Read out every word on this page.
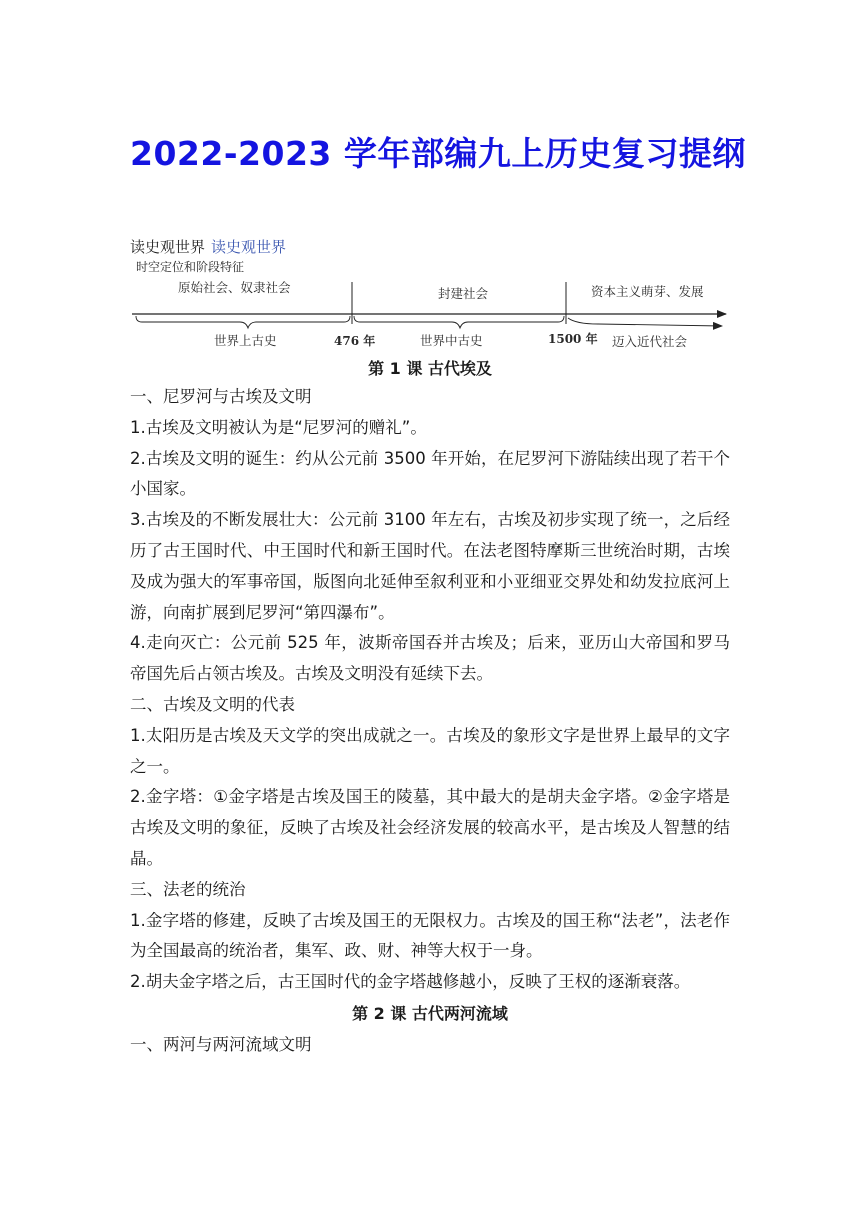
2022-2023 学年部编九上历史复习提纲
读史观世界 读史观世界
时空定位和阶段特征
原始社会、奴隶社会	封建社会	资本主义萌芽、发展
世界上古史	476 年	世界中古史	1500 年 迈入近代社会
第 1 课 古代埃及

一、尼罗河与古埃及文明

1.古埃及文明被认为是“尼罗河的赠礼”。

2.古埃及文明的诞生：约从公元前 3500 年开始，在尼罗河下游陆续出现了若干个小国家。

3.古埃及的不断发展壮大：公元前 3100 年左右，古埃及初步实现了统一，之后经历了古王国时代、中王国时代和新王国时代。在法老图特摩斯三世统治时期，古埃及成为强大的军事帝国，版图向北延伸至叙利亚和小亚细亚交界处和幼发拉底河上游，向南扩展到尼罗河“第四瀑布”。

4.走向灭亡：公元前 525 年，波斯帝国吞并古埃及；后来，亚历山大帝国和罗马帝国先后占领古埃及。古埃及文明没有延续下去。

二、古埃及文明的代表

1.太阳历是古埃及天文学的突出成就之一。古埃及的象形文字是世界上最早的文字之一。

2.金字塔：①金字塔是古埃及国王的陵墓，其中最大的是胡夫金字塔。②金字塔是古埃及文明的象征，反映了古埃及社会经济发展的较高水平，是古埃及人智慧的结晶。

三、法老的统治

1.金字塔的修建，反映了古埃及国王的无限权力。古埃及的国王称“法老”，法老作为全国最高的统治者，集军、政、财、神等大权于一身。

2.胡夫金字塔之后，古王国时代的金字塔越修越小，反映了王权的逐渐衰落。

第 2 课 古代两河流域

一、两河与两河流域文明
